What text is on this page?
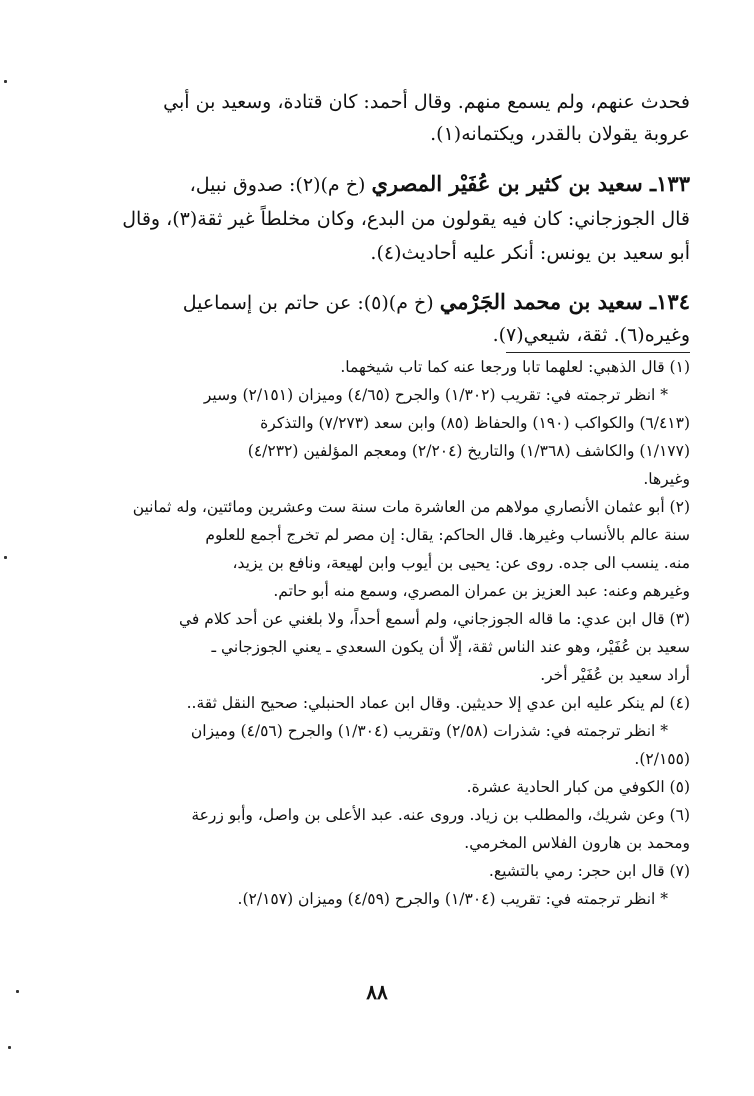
فحدث عنهم، ولم يسمع منهم. وقال أحمد: كان قتادة، وسعيد بن أبي
عروبة يقولان بالقدر، ويكتمانه(١).
١٣٣ـ سعيد بن كثير بن عُفَيْر المصري (خ م)(٢): صدوق نبيل،
قال الجوزجاني: كان فيه يقولون من البدع، وكان مخلطاً غير ثقة(٣)، وقال
أبو سعيد بن يونس: أنكر عليه أحاديث(٤).
١٣٤ـ سعيد بن محمد الجَرْمي (خ م)(٥): عن حاتم بن إسماعيل
وغيره(٦). ثقة، شيعي(٧).
(١) قال الذهبي: لعلهما تابا ورجعا عنه كما تاب شيخهما.
* انظر ترجمته في: تقريب (١/٣٠٢) والجرح (٤/٦٥) وميزان (٢/١٥١) وسير
(٦/٤١٣) والكواكب (١٩٠) والحفاظ (٨٥) وابن سعد (٧/٢٧٣) والتذكرة
(١/١٧٧) والكاشف (١/٣٦٨) والتاريخ (٢/٢٠٤) ومعجم المؤلفين (٤/٢٣٢)
وغيرها.
(٢) أبو عثمان الأنصاري مولاهم من العاشرة مات سنة ست وعشرين ومائتين، وله ثمانين
سنة عالم بالأنساب وغيرها. قال الحاكم: يقال: إن مصر لم تخرج أجمع للعلوم
منه. ينسب الى جده. روى عن: يحيى بن أيوب وابن لهيعة، ونافع بن يزيد،
وغيرهم وعنه: عبد العزيز بن عمران المصري، وسمع منه أبو حاتم.
(٣) قال ابن عدي: ما قاله الجوزجاني، ولم أسمع أحداً، ولا بلغني عن أحد كلام في
سعيد بن عُفَيْر، وهو عند الناس ثقة، إلّا أن يكون السعدي ـ يعني الجوزجاني ـ
أراد سعيد بن عُفَيْر أخر.
(٤) لم ينكر عليه ابن عدي إلا حديثين. وقال ابن عماد الحنبلي: صحيح النقل ثقة..
* انظر ترجمته في: شذرات (٢/٥٨) وتقريب (١/٣٠٤) والجرح (٤/٥٦) وميزان
(٢/١٥٥).
(٥) الكوفي من كبار الحادية عشرة.
(٦) وعن شريك، والمطلب بن زياد. وروى عنه. عبد الأعلى بن واصل، وأبو زرعة
ومحمد بن هارون الفلاس المخرمي.
(٧) قال ابن حجر: رمي بالتشيع.
* انظر ترجمته في: تقريب (١/٣٠٤) والجرح (٤/٥٩) وميزان (٢/١٥٧).
٨٨
